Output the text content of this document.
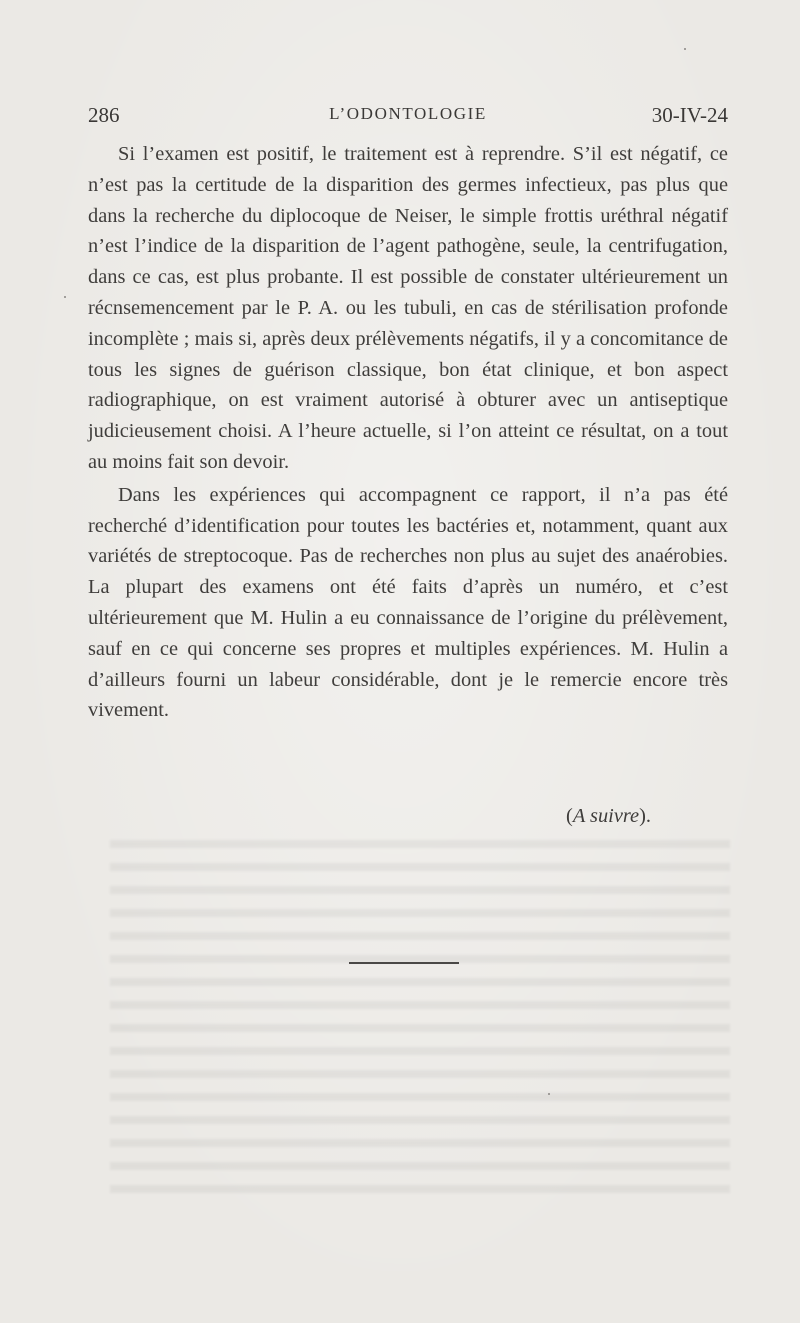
286	L’ODONTOLOGIE	30-IV-24

Si l’examen est positif, le traitement est à reprendre. S’il est négatif, ce n’est pas la certitude de la disparition des germes infectieux, pas plus que dans la recherche du diplocoque de Neiser, le simple frottis uréthral négatif n’est l’indice de la disparition de l’agent pathogène, seule, la centrifugation, dans ce cas, est plus probante. Il est possible de constater ultérieurement un récnsemencement par le P. A. ou les tubuli, en cas de stérilisation profonde incomplète ; mais si, après deux prélèvements négatifs, il y a concomitance de tous les signes de guérison classique, bon état clinique, et bon aspect radiographique, on est vraiment autorisé à obturer avec un antiseptique judicieusement choisi. A l’heure actuelle, si l’on atteint ce résultat, on a tout au moins fait son devoir.

Dans les expériences qui accompagnent ce rapport, il n’a pas été recherché d’identification pour toutes les bactéries et, notamment, quant aux variétés de streptocoque. Pas de recherches non plus au sujet des anaérobies. La plupart des examens ont été faits d’après un numéro, et c’est ultérieurement que M. Hulin a eu connaissance de l’origine du prélèvement, sauf en ce qui concerne ses propres et multiples expériences. M. Hulin a d’ailleurs fourni un labeur considérable, dont je le remercie encore très vivement.

(A suivre).
